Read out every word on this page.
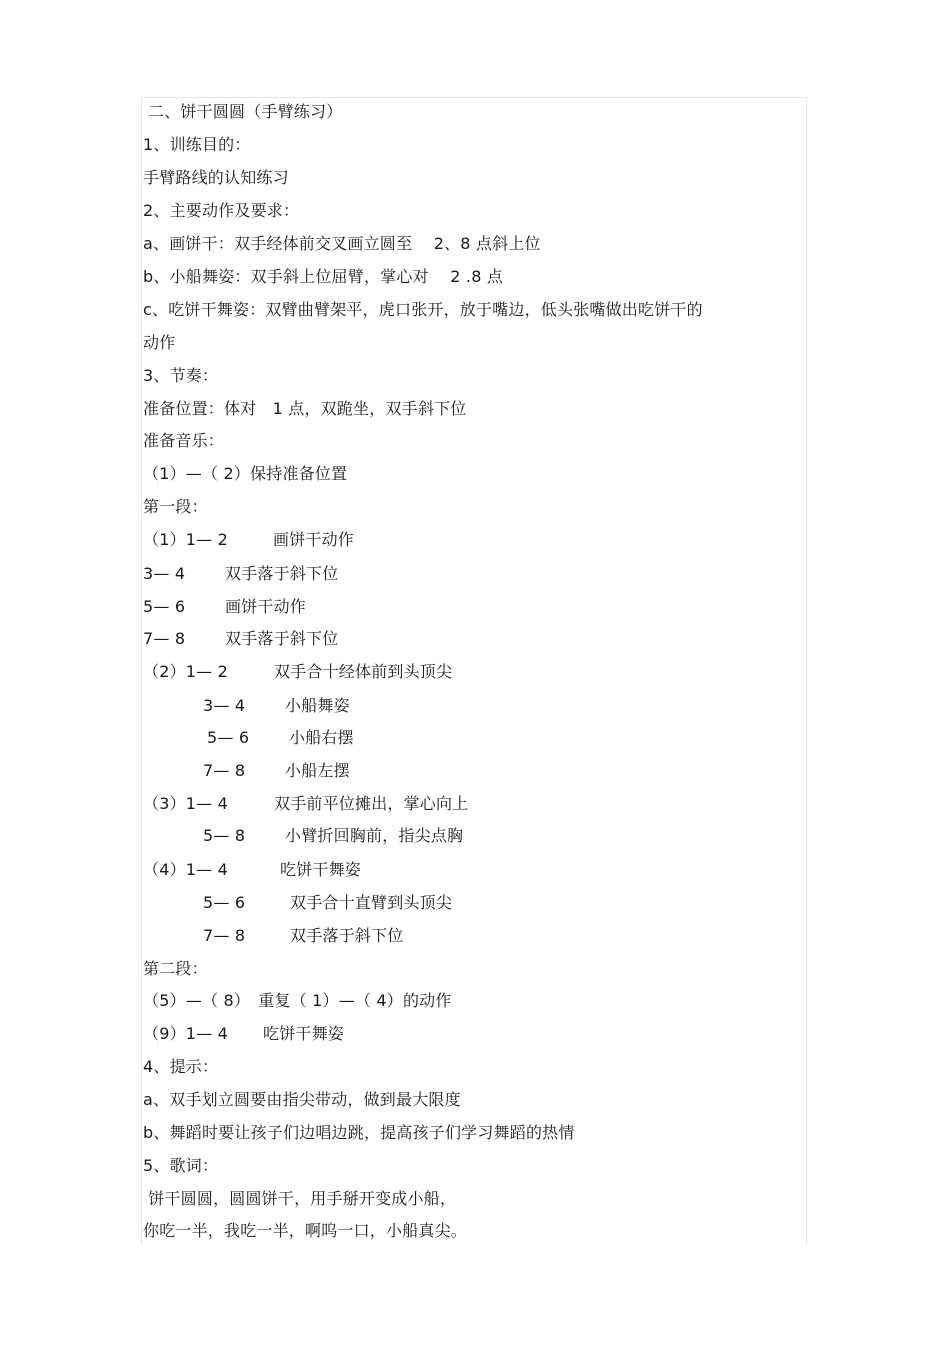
二、饼干圆圆（手臂练习）
1、训练目的：
手臂路线的认知练习
2、主要动作及要求：
a、画饼干：双手经体前交叉画立圆至　 2、8 点斜上位
b、小船舞姿：双手斜上位屈臂，掌心对　 2 .8 点
c、吃饼干舞姿：双臂曲臂架平，虎口张开，放于嘴边，低头张嘴做出吃饼干的
动作
3、节奏：
准备位置：体对　1 点，双跪坐，双手斜下位
准备音乐：
（1）—（ 2）保持准备位置
第一段：
（1）1— 2	画饼干动作
3— 4 双手落于斜下位
5— 6 画饼干动作
7— 8 双手落于斜下位
（2）1— 2	双手合十经体前到头顶尖
3— 4 小船舞姿
5— 6 小船右摆
7— 8 小船左摆
（3）1— 4	双手前平位摊出，掌心向上
5— 8 小臂折回胸前，指尖点胸
（4）1— 4	吃饼干舞姿
5— 6	双手合十直臂到头顶尖
7— 8	双手落于斜下位
第二段：
（5）—（ 8）　重复（ 1）—（ 4）的动作
（9）1— 4 吃饼干舞姿
4、提示：
a、双手划立圆要由指尖带动，做到最大限度
b、舞蹈时要让孩子们边唱边跳，提高孩子们学习舞蹈的热情
5、歌词：
饼干圆圆，圆圆饼干，用手掰开变成小船，
你吃一半，我吃一半，啊呜一口，小船真尖。
